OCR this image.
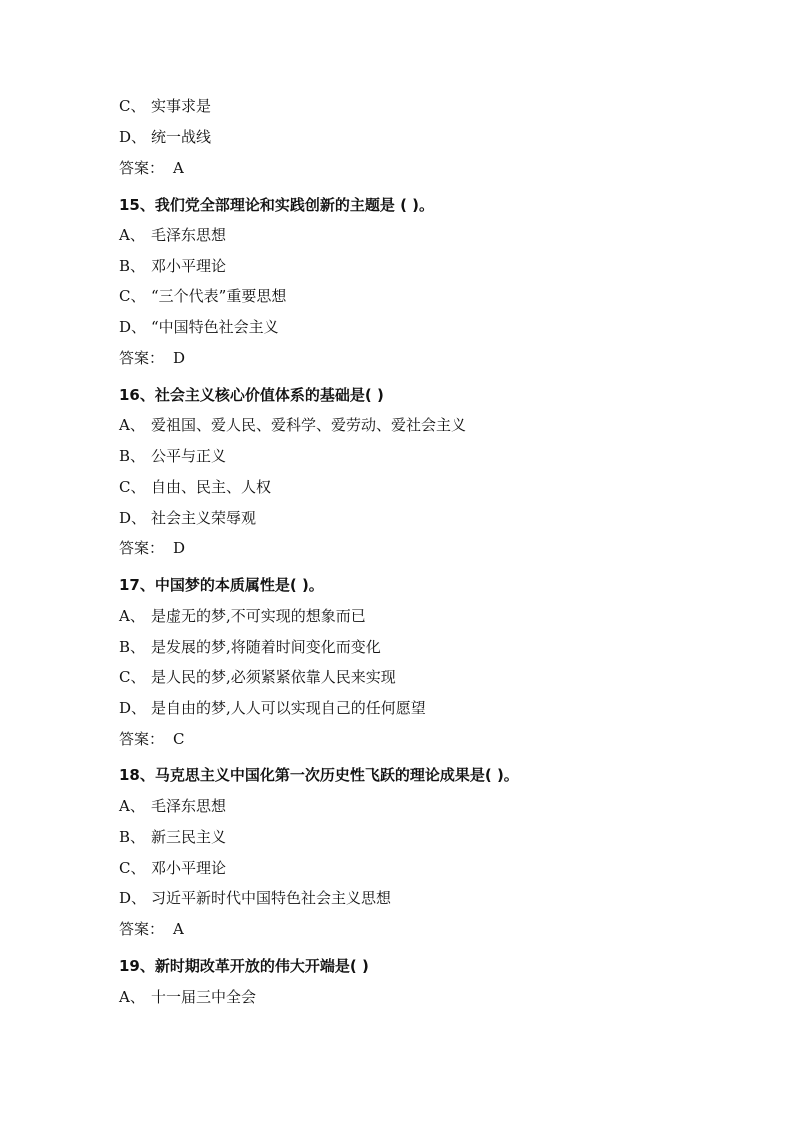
C、 实事求是
D、 统一战线
答案： A
15、我们党全部理论和实践创新的主题是 ( )。
A、 毛泽东思想
B、 邓小平理论
C、 “三个代表”重要思想
D、 “中国特色社会主义
答案： D
16、社会主义核心价值体系的基础是( )
A、 爱祖国、爱人民、爱科学、爱劳动、爱社会主义
B、 公平与正义
C、 自由、民主、人权
D、 社会主义荣辱观
答案： D
17、中国梦的本质属性是( )。
A、 是虚无的梦,不可实现的想象而已
B、 是发展的梦,将随着时间变化而变化
C、 是人民的梦,必须紧紧依靠人民来实现
D、 是自由的梦,人人可以实现自己的任何愿望
答案： C
18、马克思主义中国化第一次历史性飞跃的理论成果是( )。
A、 毛泽东思想
B、 新三民主义
C、 邓小平理论
D、 习近平新时代中国特色社会主义思想
答案： A
19、新时期改革开放的伟大开端是( )
A、 十一届三中全会
